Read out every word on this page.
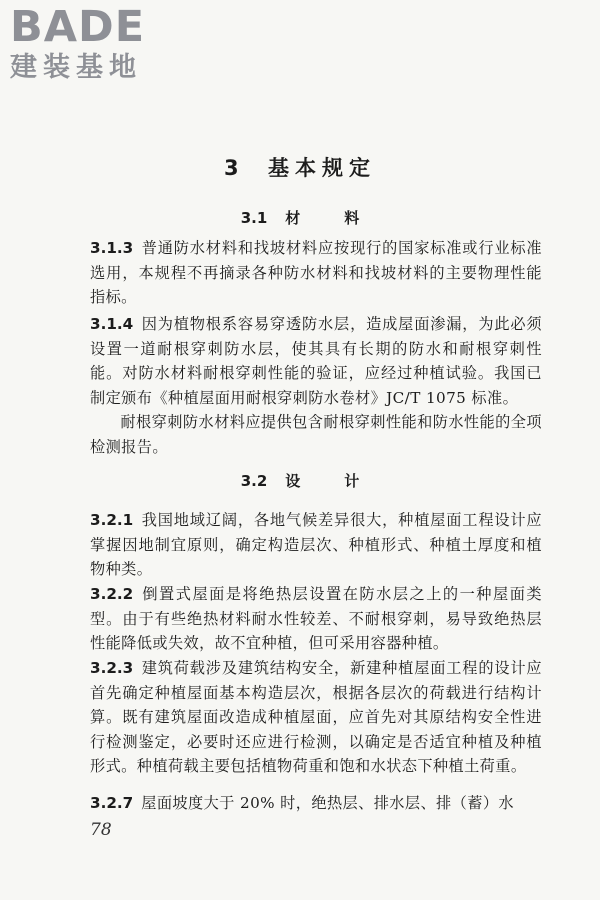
BADE
建装基地
3 基本规定
3.1 材	料
3.1.3 普通防水材料和找坡材料应按现行的国家标准或行业标准选用，本规程不再摘录各种防水材料和找坡材料的主要物理性能指标。
3.1.4 因为植物根系容易穿透防水层，造成屋面渗漏，为此必须设置一道耐根穿刺防水层，使其具有长期的防水和耐根穿刺性能。对防水材料耐根穿刺性能的验证，应经过种植试验。我国已制定颁布《种植屋面用耐根穿刺防水卷材》JC/T 1075 标准。
耐根穿刺防水材料应提供包含耐根穿刺性能和防水性能的全项检测报告。
3.2 设	计
3.2.1 我国地域辽阔，各地气候差异很大，种植屋面工程设计应掌握因地制宜原则，确定构造层次、种植形式、种植土厚度和植物种类。
3.2.2 倒置式屋面是将绝热层设置在防水层之上的一种屋面类型。由于有些绝热材料耐水性较差、不耐根穿刺，易导致绝热层性能降低或失效，故不宜种植，但可采用容器种植。
3.2.3 建筑荷载涉及建筑结构安全，新建种植屋面工程的设计应首先确定种植屋面基本构造层次，根据各层次的荷载进行结构计算。既有建筑屋面改造成种植屋面，应首先对其原结构安全性进行检测鉴定，必要时还应进行检测，以确定是否适宜种植及种植形式。种植荷载主要包括植物荷重和饱和水状态下种植土荷重。
3.2.7 屋面坡度大于 20% 时，绝热层、排水层、排（蓄）水
78
